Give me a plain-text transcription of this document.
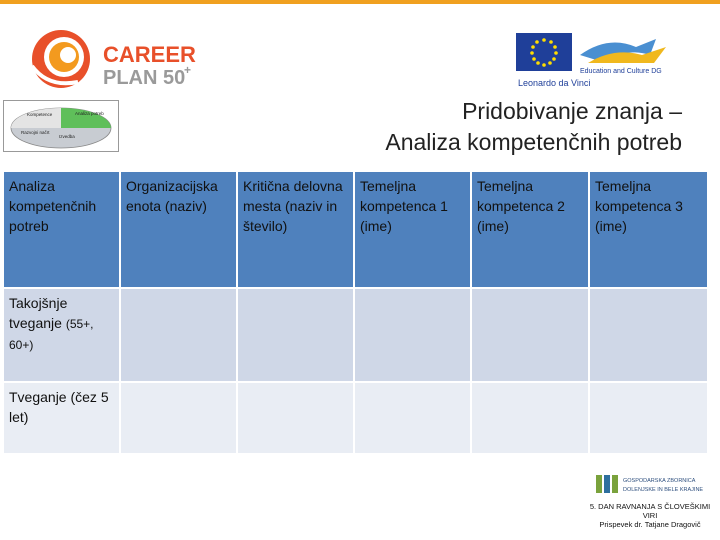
CAREER
PLAN 50
+	Education and Culture DG
Leonardo da Vinci
Kompetence	Analiza potreb
Razvojni načrt
Izvedba
Pridobivanje znanja –
Analiza kompetenčnih potreb
Analiza kompetenčnih potreb	Organizacijska enota (naziv)	Kritična delovna mesta (naziv in število)	Temeljna kompetenca 1 (ime)	Temeljna kompetenca 2 (ime)	Temeljna kompetenca 3 (ime)
Takojšnje tveganje (55+, 60+)					
Tveganje (čez 5 let)					
GOSPODARSKA ZBORNICA
DOLENJSKE IN BELE KRAJINE
5. DAN RAVNANJA S ČLOVEŠKIMI
VIRI
Prispevek dr. Tatjane Dragovič
